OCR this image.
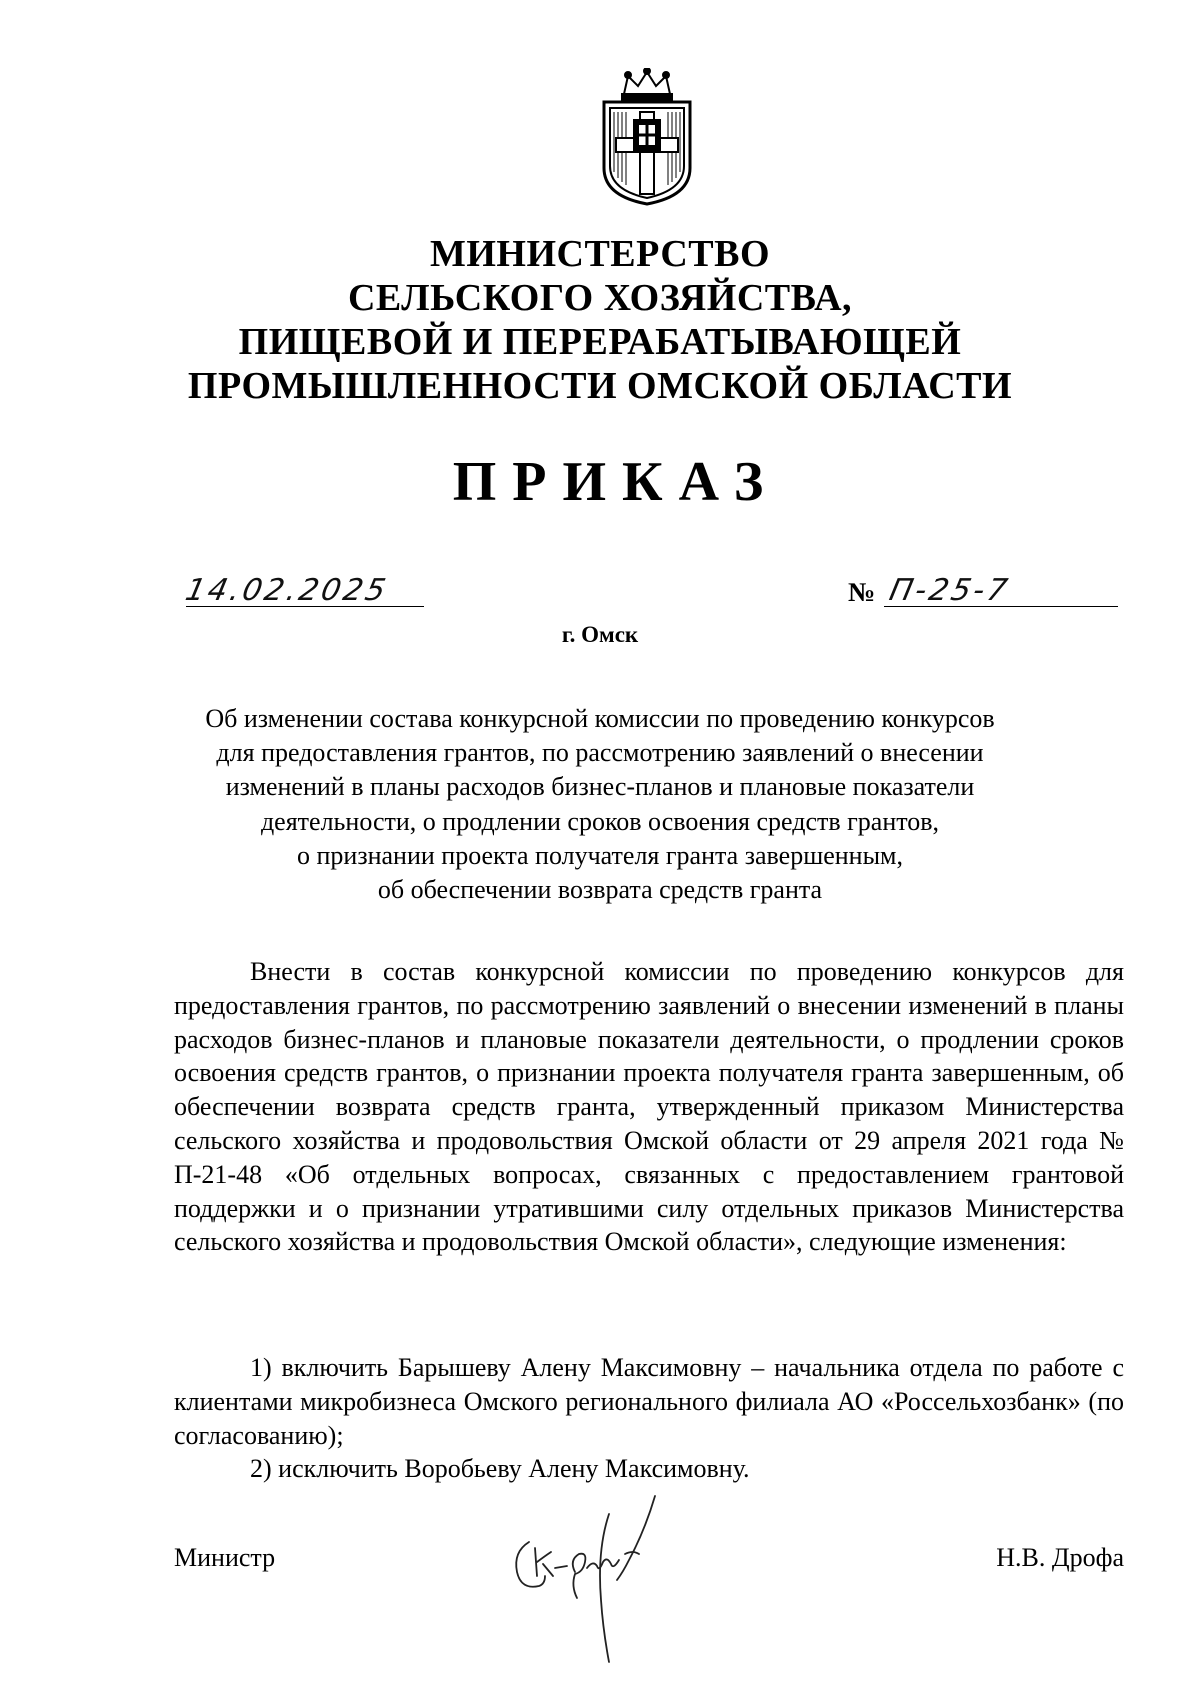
МИНИСТЕРСТВО
СЕЛЬСКОГО ХОЗЯЙСТВА,
ПИЩЕВОЙ И ПЕРЕРАБАТЫВАЮЩЕЙ
ПРОМЫШЛЕННОСТИ ОМСКОЙ ОБЛАСТИ
ПРИКАЗ
14.02.2025	№ П-25-7
г. Омск
Об изменении состава конкурсной комиссии по проведению конкурсов
для предоставления грантов, по рассмотрению заявлений о внесении
изменений в планы расходов бизнес-планов и плановые показатели
деятельности, о продлении сроков освоения средств грантов,
о признании проекта получателя гранта завершенным,
об обеспечении возврата средств гранта
Внести в состав конкурсной комиссии по проведению конкурсов для предоставления грантов, по рассмотрению заявлений о внесении изменений в планы расходов бизнес-планов и плановые показатели деятельности, о продлении сроков освоения средств грантов, о признании проекта получателя гранта завершенным, об обеспечении возврата средств гранта, утвержденный приказом Министерства сельского хозяйства и продовольствия Омской области от 29 апреля 2021 года № П-21-48 «Об отдельных вопросах, связанных с предоставлением грантовой поддержки и о признании утратившими силу отдельных приказов Министерства сельского хозяйства и продовольствия Омской области», следующие изменения:

1) включить Барышеву Алену Максимовну – начальника отдела по работе с клиентами микробизнеса Омского регионального филиала АО «Россельхозбанк» (по согласованию);

2) исключить Воробьеву Алену Максимовну.

Министр	Н.В. Дрофа
